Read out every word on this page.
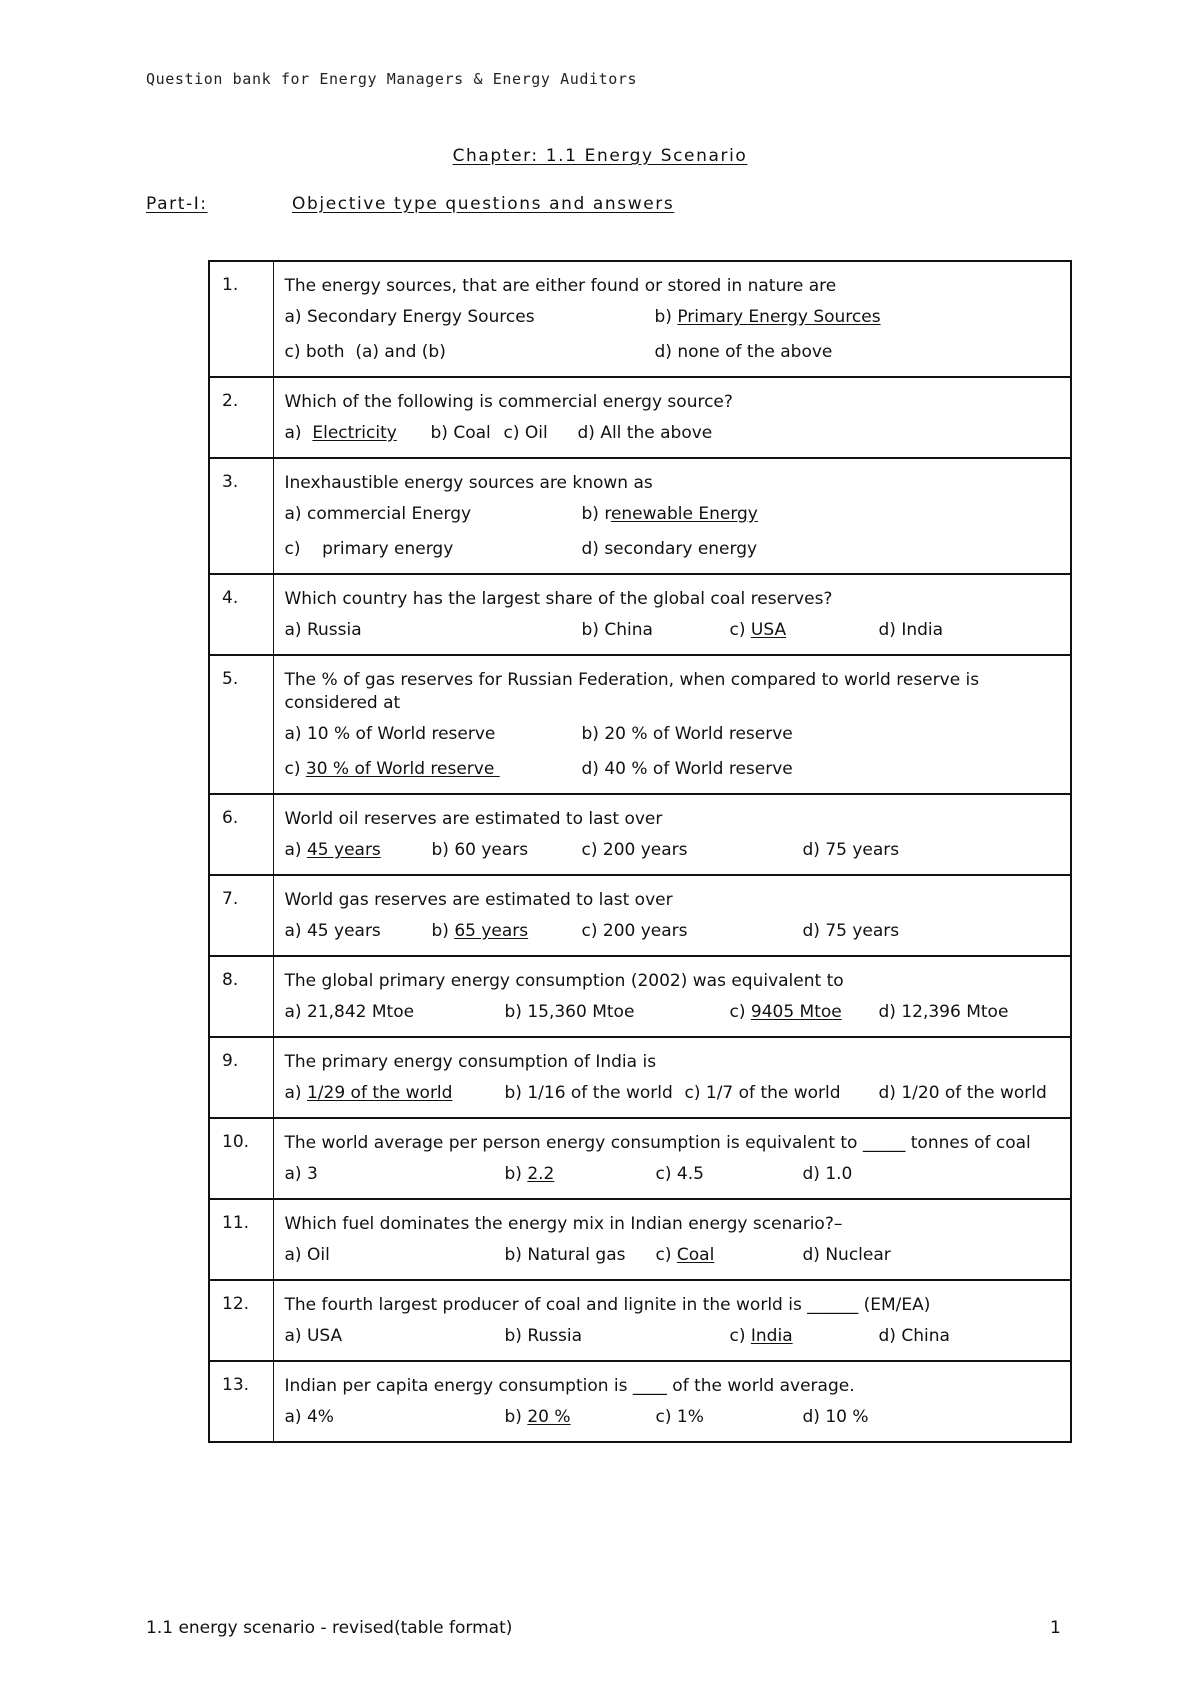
Question bank for Energy Managers & Energy Auditors
Chapter: 1.1 Energy Scenario
Part-I:	Objective type questions and answers
1.	The energy sources, that are either found or stored in nature are
a) Secondary Energy Sources b) Primary Energy Sources
c) both  (a) and (b) d) none of the above

2.	Which of the following is commercial energy source?
a)  Electricity b) Coal c) Oil d) All the above

3.	Inexhaustible energy sources are known as
a) commercial Energy b) renewable Energy
c)    primary energy d) secondary energy

4.	Which country has the largest share of the global coal reserves?
a) Russia b) China c) USA d) India

5.	The % of gas reserves for Russian Federation, when compared to world reserve is considered at
a) 10 % of World reserve b) 20 % of World reserve
c) 30 % of World reserve d) 40 % of World reserve

6.	World oil reserves are estimated to last over
a) 45 years b) 60 years c) 200 years d) 75 years

7.	World gas reserves are estimated to last over
a) 45 years b) 65 years c) 200 years d) 75 years

8.	The global primary energy consumption (2002) was equivalent to
a) 21,842 Mtoe b) 15,360 Mtoe c) 9405 Mtoe d) 12,396 Mtoe

9.	The primary energy consumption of India is
a) 1/29 of the world b) 1/16 of the world c) 1/7 of the world d) 1/20 of the world

10.	The world average per person energy consumption is equivalent to _____ tonnes of coal
a) 3 b) 2.2 c) 4.5 d) 1.0

11.	Which fuel dominates the energy mix in Indian energy scenario?–
a) Oil b) Natural gas c) Coal d) Nuclear

12.	The fourth largest producer of coal and lignite in the world is ______ (EM/EA)
a) USA b) Russia c) India d) China

13.	Indian per capita energy consumption is ____ of the world average.
a) 4% b) 20 % c) 1% d) 10 %
1.1 energy scenario - revised(table format)	1
